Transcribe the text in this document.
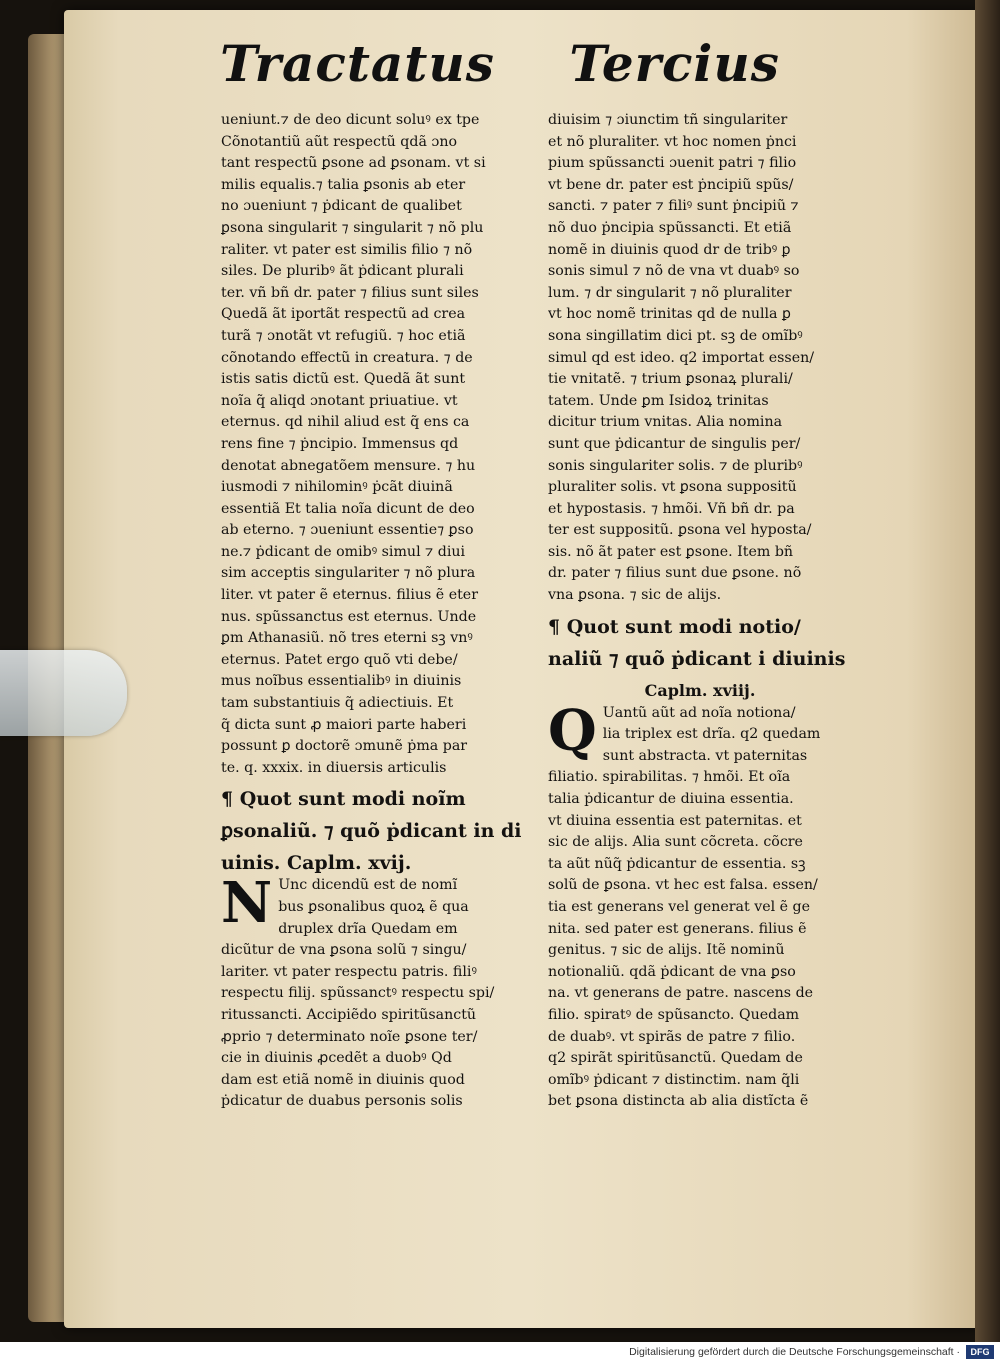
Tractatus Tercius
ueniunt.⁊ de deo dicunt soluꝰ ex tpe
Cõnotantiũ aũt respectũ qdã ɔno
tant respectũ ꝑsone ad ꝑsonam. vt si
milis equalis.⁊ talia ꝑsonis ab eter
no ɔueniunt ⁊ ṗdicant de qualibet
ꝑsona singularit ⁊ singularit ⁊ nõ plu
raliter. vt pater est similis filio ⁊ nõ
siles. De pluribꝰ ãt ṗdicant plurali
ter. vñ bñ dr. pater ⁊ filius sunt siles
Quedã ãt iportãt respectũ ad crea
turã ⁊ ɔnotãt vt refugiũ. ⁊ hoc etiã
cõnotando effectũ in creatura. ⁊ de
istis satis dictũ est. Quedã ãt sunt
noĩa q̃ aliqd ɔnotant priuatiue. vt
eternus. qd nihil aliud est q̃ ens ca
rens fine ⁊ ṗncipio. Immensus qd
denotat abnegatõem mensure. ⁊ hu
iusmodi ⁊ nihilominꝰ ṗcãt diuinã
essentiã Et talia noĩa dicunt de deo
ab eterno. ⁊ ɔueniunt essentie⁊ ꝑso
ne.⁊ ṗdicant de omibꝰ simul ⁊ diui
sim acceptis singulariter ⁊ nõ plura
liter. vt pater ẽ eternus. filius ẽ eter
nus. spũssanctus est eternus. Unde
ꝑm Athanasiũ. nõ tres eterni sꝫ vnꝰ
eternus. Patet ergo quõ vti debe/
mus noĩbus essentialibꝰ in diuinis
tam substantiuis q̃ adiectiuis. Et
q̃ dicta sunt ꝓ maiori parte haberi
possunt ꝑ doctorẽ ɔmunẽ ṗma par
te. q. xxxix. in diuersis articulis
¶ Quot sunt modi noĩm
ꝑsonaliũ. ⁊ quõ ṗdicant in di
uinis. Caplm. xvij.
N Unc dicendũ est de nomĩ
bus ꝑsonalibus quoꝝ ẽ qua
druplex drĩa Quedam em
dicũtur de vna ꝑsona solũ ⁊ singu/
lariter. vt pater respectu patris. filiꝰ
respectu filij. spũssanctꝰ respectu spi/
ritussancti. Accipiẽdo spiritũsanctũ
ꝓprio ⁊ determinato noĩe ꝑsone ter/
cie in diuinis ꝓcedẽt a duobꝰ Qd
dam est etiã nomẽ in diuinis quod
ṗdicatur de duabus personis solis
diuisim ⁊ ɔiunctim tñ singulariter
et nõ pluraliter. vt hoc nomen ṗnci
pium spũssancti ɔuenit patri ⁊ filio
vt bene dr. pater est ṗncipiũ spũs/
sancti. ⁊ pater ⁊ filiꝰ sunt ṗncipiũ ⁊
nõ duo ṗncipia spũssancti. Et etiã
nomẽ in diuinis quod dr de tribꝰ ꝑ
sonis simul ⁊ nõ de vna vt duabꝰ so
lum. ⁊ dr singularit ⁊ nõ pluraliter
vt hoc nomẽ trinitas qd de nulla ꝑ
sona singillatim dici pt. sꝫ de omĩbꝰ
simul qd est ideo. q2 importat essen/
tie vnitatẽ. ⁊ trium ꝑsonaꝝ plurali/
tatem. Unde ꝑm Isidoꝝ trinitas
dicitur trium vnitas. Alia nomina
sunt que ṗdicantur de singulis per/
sonis singulariter solis. ⁊ de pluribꝰ
pluraliter solis. vt ꝑsona suppositũ
et hypostasis. ⁊ hmõi. Vñ bñ dr. pa
ter est suppositũ. ꝑsona vel hyposta/
sis. nõ ãt pater est ꝑsone. Item bñ
dr. pater ⁊ filius sunt due ꝑsone. nõ
vna ꝑsona. ⁊ sic de alijs.
¶ Quot sunt modi notio/
naliũ ⁊ quõ ṗdicant i diuinis
Caplm. xviij.
Q Uantũ aũt ad noĩa notiona/
lia triplex est drĩa. q2 quedam
sunt abstracta. vt paternitas
filiatio. spirabilitas. ⁊ hmõi. Et oĩa
talia ṗdicantur de diuina essentia.
vt diuina essentia est paternitas. et
sic de alijs. Alia sunt cõcreta. cõcre
ta aũt nũq̃ ṗdicantur de essentia. sꝫ
solũ de ꝑsona. vt hec est falsa. essen/
tia est generans vel generat vel ẽ ge
nita. sed pater est generans. filius ẽ
genitus. ⁊ sic de alijs. Itẽ nominũ
notionaliũ. qdã ṗdicant de vna ꝑso
na. vt generans de patre. nascens de
filio. spiratꝰ de spũsancto. Quedam
de duabꝰ. vt spirãs de patre ⁊ filio.
q2 spirãt spiritũsanctũ. Quedam de
omĩbꝰ ṗdicant ⁊ distinctim. nam q̃li
bet ꝑsona distincta ab alia distĩcta ẽ
Digitalisierung gefördert durch die Deutsche Forschungsgemeinschaft ·	DFG
